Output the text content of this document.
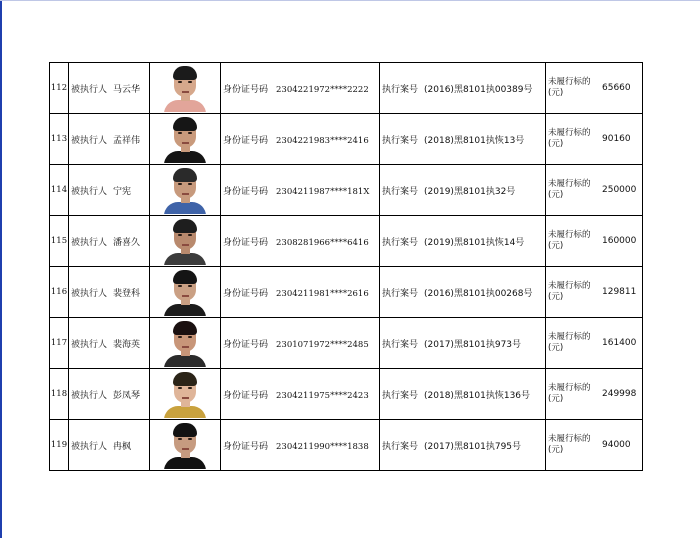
112	被执行人 马云华		身份证号码 2304221972****2222	执行案号 (2016)黑8101执00389号	未履行标的(元) 65660

113	被执行人 孟祥伟		身份证号码 2304221983****2416	执行案号 (2018)黑8101执恢13号	未履行标的(元) 90160

114	被执行人 宁宪		身份证号码 2304211987****181X	执行案号 (2019)黑8101执32号	未履行标的(元) 250000

115	被执行人 潘喜久		身份证号码 2308281966****6416	执行案号 (2019)黑8101执恢14号	未履行标的(元) 160000

116	被执行人 裴登科		身份证号码 2304211981****2616	执行案号 (2016)黑8101执00268号	未履行标的(元) 129811

117	被执行人 裴海英		身份证号码 2301071972****2485	执行案号 (2017)黑8101执973号	未履行标的(元) 161400

118	被执行人 彭凤琴		身份证号码 2304211975****2423	执行案号 (2018)黑8101执恢136号	未履行标的(元) 249998

119	被执行人 冉枫		身份证号码 2304211990****1838	执行案号 (2017)黑8101执795号	未履行标的(元) 94000
